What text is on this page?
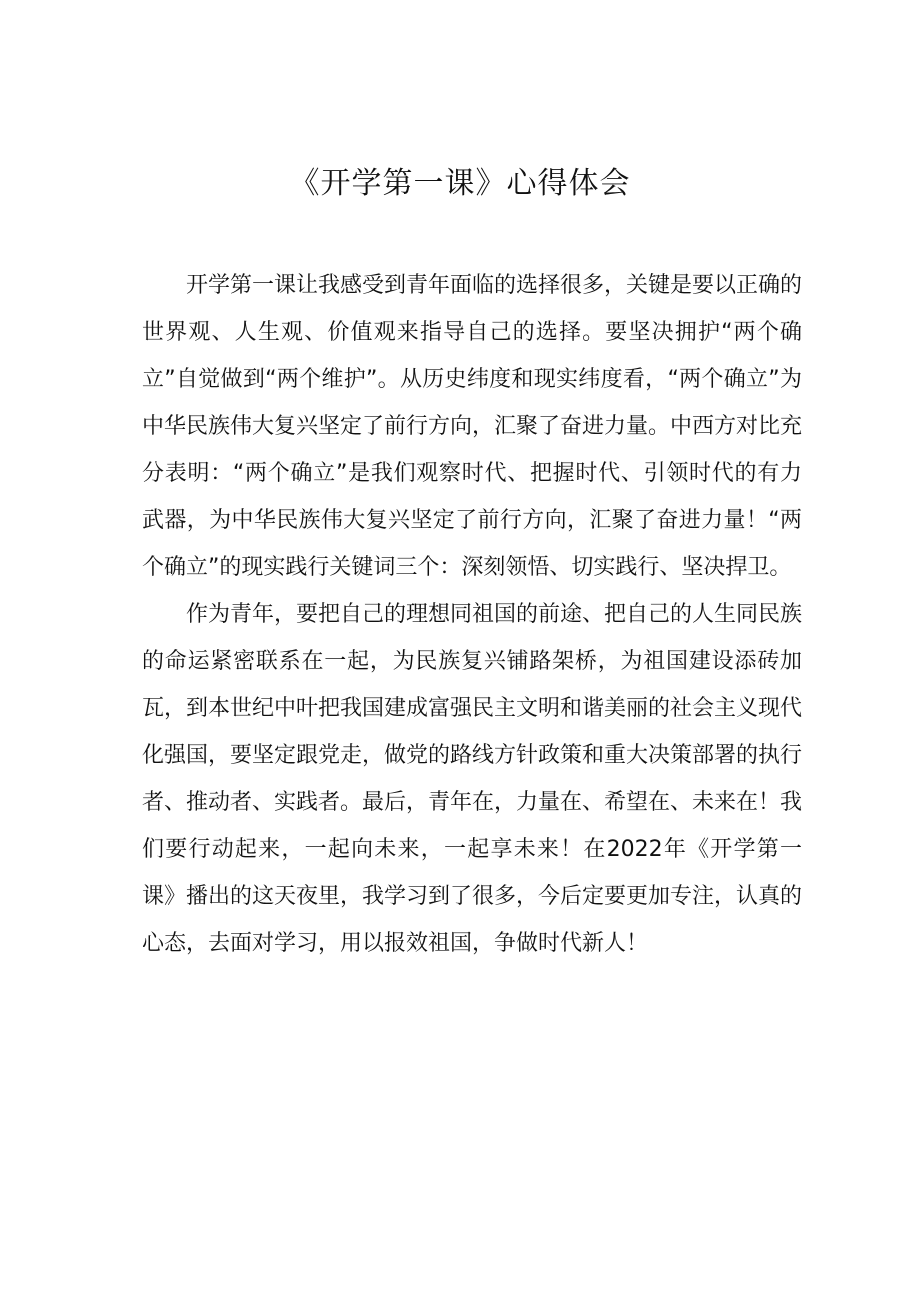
《开学第一课》心得体会

开学第一课让我感受到青年面临的选择很多，关键是要以正确的世界观、人生观、价值观来指导自己的选择。要坚决拥护“两个确立”自觉做到“两个维护”。从历史纬度和现实纬度看，“两个确立”为中华民族伟大复兴坚定了前行方向，汇聚了奋进力量。中西方对比充分表明：“两个确立”是我们观察时代、把握时代、引领时代的有力武器，为中华民族伟大复兴坚定了前行方向，汇聚了奋进力量！“两个确立”的现实践行关键词三个：深刻领悟、切实践行、坚决捍卫。

作为青年，要把自己的理想同祖国的前途、把自己的人生同民族的命运紧密联系在一起，为民族复兴铺路架桥，为祖国建设添砖加瓦，到本世纪中叶把我国建成富强民主文明和谐美丽的社会主义现代化强国，要坚定跟党走，做党的路线方针政策和重大决策部署的执行者、推动者、实践者。最后，青年在，力量在、希望在、未来在！我们要行动起来，一起向未来，一起享未来！在2022年《开学第一课》播出的这天夜里，我学习到了很多，今后定要更加专注，认真的心态，去面对学习，用以报效祖国，争做时代新人！
